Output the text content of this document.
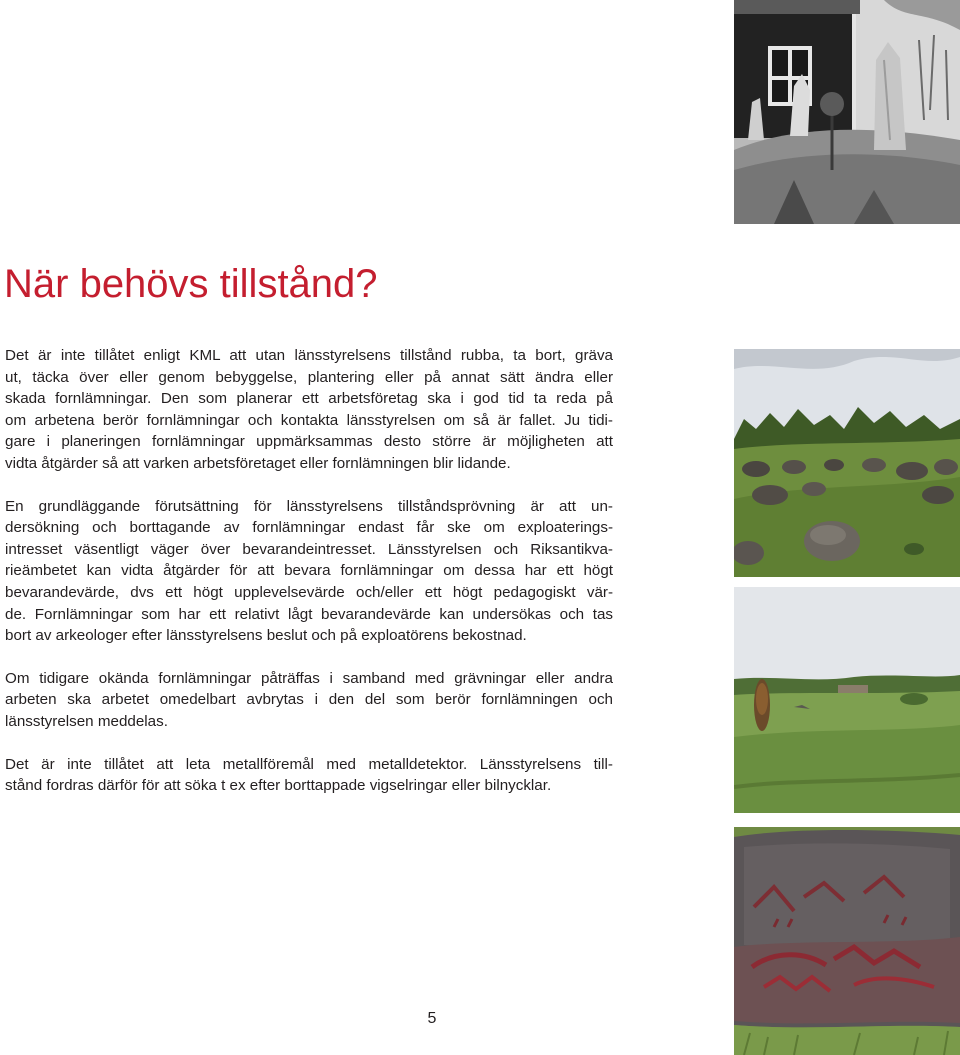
När behövs tillstånd?

Det är inte tillåtet enligt KML att utan länsstyrelsens tillstånd rubba, ta bort, gräva
ut, täcka över eller genom bebyggelse, plantering eller på annat sätt ändra eller
skada fornlämningar. Den som planerar ett arbetsföretag ska i god tid ta reda på
om arbetena berör fornlämningar och kontakta länsstyrelsen om så är fallet. Ju tidi-
gare i planeringen fornlämningar uppmärksammas desto större är möjligheten att
vidta åtgärder så att varken arbetsföretaget eller fornlämningen blir lidande.

En grundläggande förutsättning för länsstyrelsens tillståndsprövning är att un-
dersökning och borttagande av fornlämningar endast får ske om exploaterings-
intresset väsentligt väger över bevarandeintresset. Länsstyrelsen och Riksantikva-
rieämbetet kan vidta åtgärder för att bevara fornlämningar om dessa har ett högt
bevarandevärde, dvs ett högt upplevelsevärde och/eller ett högt pedagogiskt vär-
de. Fornlämningar som har ett relativt lågt bevarandevärde kan undersökas och tas
bort av arkeologer efter länsstyrelsens beslut och på exploatörens bekostnad.

Om tidigare okända fornlämningar påträffas i samband med grävningar eller andra
arbeten ska arbetet omedelbart avbrytas i den del som berör fornlämningen och
länsstyrelsen meddelas.

Det är inte tillåtet att leta metallföremål med metalldetektor. Länsstyrelsens till-
stånd fordras därför för att söka t ex efter borttappade vigselringar eller bilnycklar.

5
